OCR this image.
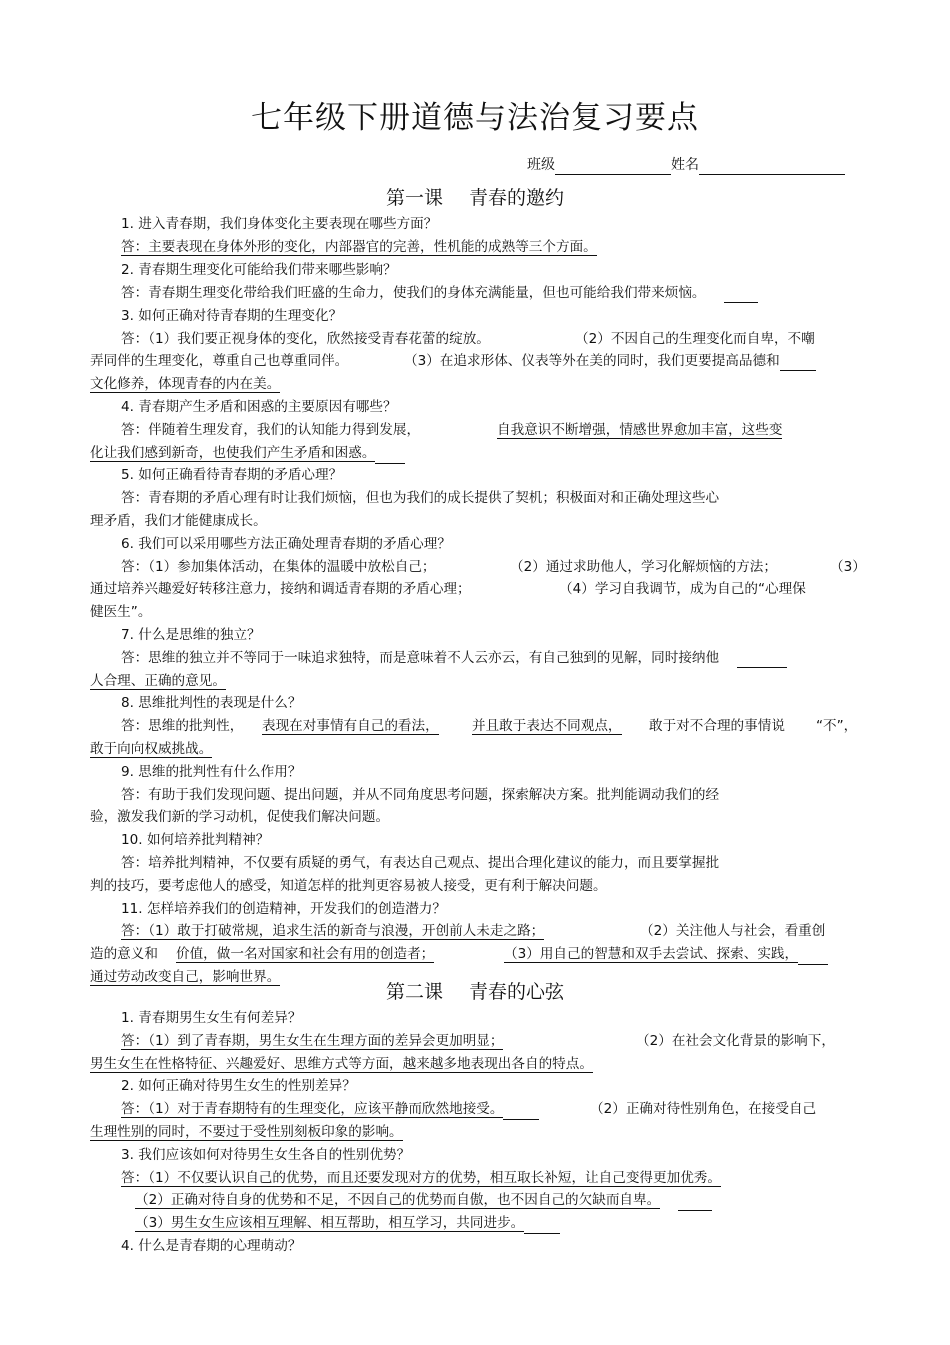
七年级下册道德与法治复习要点
班级	姓名
第一课 青春的邀约
1. 进入青春期，我们身体变化主要表现在哪些方面？
答：主要表现在身体外形的变化，内部器官的完善，性机能的成熟等三个方面。
2. 青春期生理变化可能给我们带来哪些影响？
答：青春期生理变化带给我们旺盛的生命力，使我们的身体充满能量，但也可能给我们带来烦恼。
3. 如何正确对待青春期的生理变化？
答：（1）我们要正视身体的变化，欣然接受青春花蕾的绽放。	（2）不因自己的生理变化而自卑，不嘲
弄同伴的生理变化，尊重自己也尊重同伴。	（3）在追求形体、仪表等外在美的同时，我们更要提高品德和
文化修养，体现青春的内在美。
4. 青春期产生矛盾和困惑的主要原因有哪些？
答：伴随着生理发育，我们的认知能力得到发展，	自我意识不断增强，情感世界愈加丰富，这些变
化让我们感到新奇，也使我们产生矛盾和困惑。
5. 如何正确看待青春期的矛盾心理？
答：青春期的矛盾心理有时让我们烦恼，但也为我们的成长提供了契机；积极面对和正确处理这些心
理矛盾，我们才能健康成长。
6. 我们可以采用哪些方法正确处理青春期的矛盾心理？
答：（1）参加集体活动，在集体的温暖中放松自己；	（2）通过求助他人，学习化解烦恼的方法；	（3）
通过培养兴趣爱好转移注意力，接纳和调适青春期的矛盾心理；	（4）学习自我调节，成为自己的“心理保
健医生”。
7. 什么是思维的独立？
答：思维的独立并不等同于一味追求独特，而是意味着不人云亦云，有自己独到的见解，同时接纳他
人合理、正确的意见。
8. 思维批判性的表现是什么？
答：思维的批判性， 表现在对事情有自己的看法， 并且敢于表达不同观点， 敢于对不合理的事情说 “不”，
敢于向向权威挑战。
9. 思维的批判性有什么作用？
答：有助于我们发现问题、提出问题，并从不同角度思考问题，探索解决方案。批判能调动我们的经
验，激发我们新的学习动机，促使我们解决问题。
10. 如何培养批判精神？
答：培养批判精神，不仅要有质疑的勇气，有表达自己观点、提出合理化建议的能力，而且要掌握批
判的技巧，要考虑他人的感受，知道怎样的批判更容易被人接受，更有利于解决问题。
11. 怎样培养我们的创造精神，开发我们的创造潜力？
答：（1）敢于打破常规，追求生活的新奇与浪漫，开创前人未走之路；	（2）关注他人与社会，看重创
造的意义和 价值，做一名对国家和社会有用的创造者；	（3）用自己的智慧和双手去尝试、探索、实践，
通过劳动改变自己，影响世界。
第二课 青春的心弦
1. 青春期男生女生有何差异？
答：（1）到了青春期，男生女生在生理方面的差异会更加明显；	（2）在社会文化背景的影响下，
男生女生在性格特征、兴趣爱好、思维方式等方面，越来越多地表现出各自的特点。
2. 如何正确对待男生女生的性别差异？
答：（1）对于青春期特有的生理变化，应该平静而欣然地接受。	（2）正确对待性别角色，在接受自己
生理性别的同时，不要过于受性别刻板印象的影响。
3. 我们应该如何对待男生女生各自的性别优势？
答：（1）不仅要认识自己的优势，而且还要发现对方的优势，相互取长补短，让自己变得更加优秀。
（2）正确对待自身的优势和不足，不因自己的优势而自傲，也不因自己的欠缺而自卑。
（3）男生女生应该相互理解、相互帮助，相互学习，共同进步。
4. 什么是青春期的心理萌动？
